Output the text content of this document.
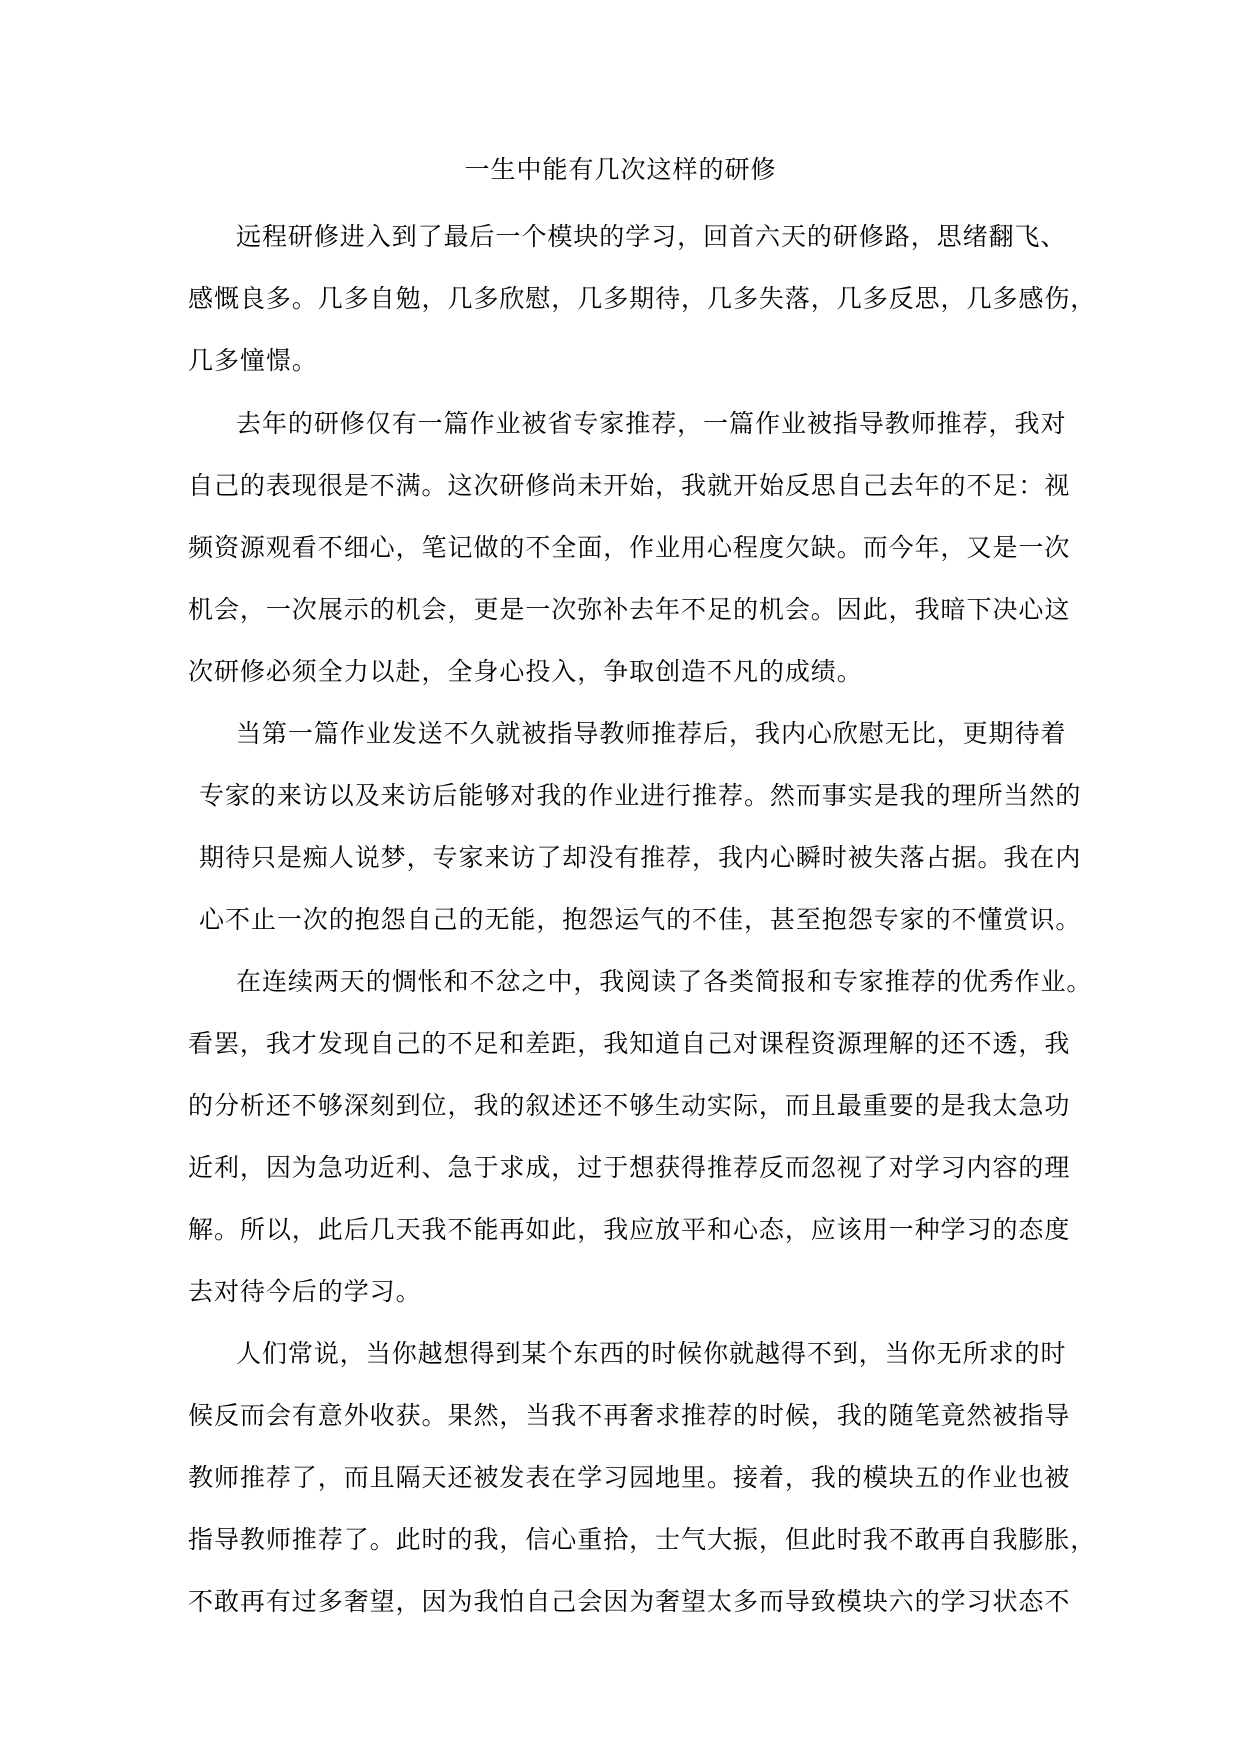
一生中能有几次这样的研修
远程研修进入到了最后一个模块的学习，回首六天的研修路，思绪翻飞、
感慨良多。几多自勉，几多欣慰，几多期待，几多失落，几多反思，几多感伤，
几多憧憬。
去年的研修仅有一篇作业被省专家推荐，一篇作业被指导教师推荐，我对
自己的表现很是不满。这次研修尚未开始，我就开始反思自己去年的不足：视
频资源观看不细心，笔记做的不全面，作业用心程度欠缺。而今年，又是一次
机会，一次展示的机会，更是一次弥补去年不足的机会。因此，我暗下决心这
次研修必须全力以赴，全身心投入，争取创造不凡的成绩。
当第一篇作业发送不久就被指导教师推荐后，我内心欣慰无比，更期待着
专家的来访以及来访后能够对我的作业进行推荐。然而事实是我的理所当然的
期待只是痴人说梦，专家来访了却没有推荐，我内心瞬时被失落占据。我在内
心不止一次的抱怨自己的无能，抱怨运气的不佳，甚至抱怨专家的不懂赏识。
在连续两天的惆怅和不忿之中，我阅读了各类简报和专家推荐的优秀作业。
看罢，我才发现自己的不足和差距，我知道自己对课程资源理解的还不透，我
的分析还不够深刻到位，我的叙述还不够生动实际，而且最重要的是我太急功
近利，因为急功近利、急于求成，过于想获得推荐反而忽视了对学习内容的理
解。所以，此后几天我不能再如此，我应放平和心态，应该用一种学习的态度
去对待今后的学习。
人们常说，当你越想得到某个东西的时候你就越得不到，当你无所求的时
候反而会有意外收获。果然，当我不再奢求推荐的时候，我的随笔竟然被指导
教师推荐了，而且隔天还被发表在学习园地里。接着，我的模块五的作业也被
指导教师推荐了。此时的我，信心重拾，士气大振，但此时我不敢再自我膨胀，
不敢再有过多奢望，因为我怕自己会因为奢望太多而导致模块六的学习状态不
